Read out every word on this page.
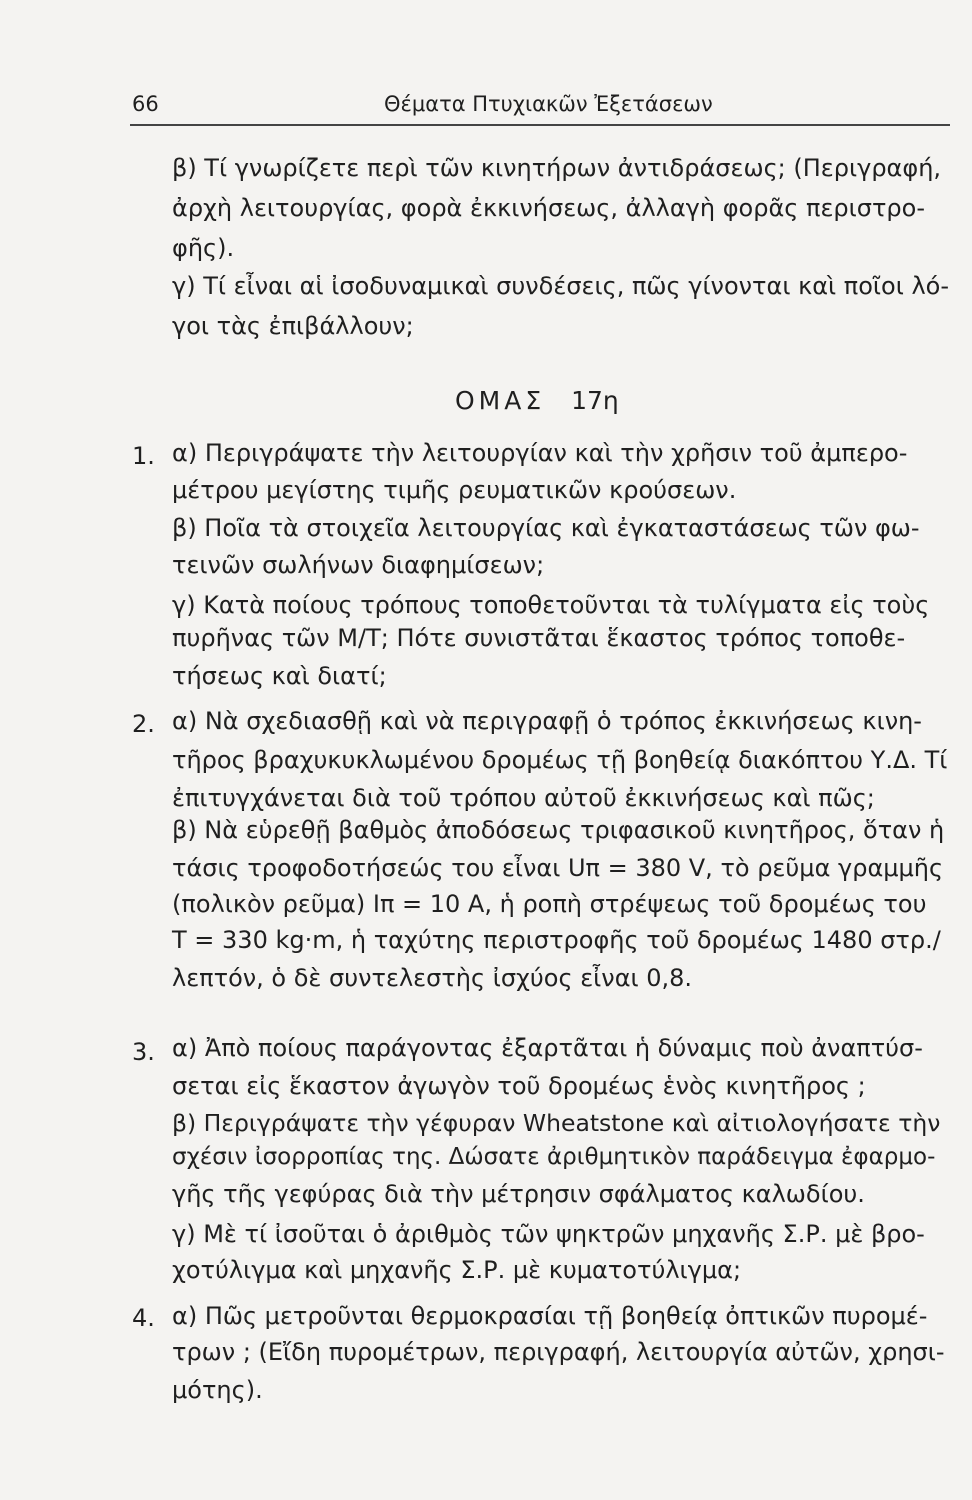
66	Θέματα Πτυχιακῶν Ἐξετάσεων
β) Τί γνωρίζετε περὶ τῶν κινητήρων ἀντιδράσεως; (Περιγραφή,
ἀρχὴ λειτουργίας, φορὰ ἐκκινήσεως, ἀλλαγὴ φορᾶς περιστρο-
φῆς).
γ) Τί εἶναι αἱ ἰσοδυναμικαὶ συνδέσεις, πῶς γίνονται καὶ ποῖοι λό-
γοι τὰς ἐπιβάλλουν;
ΟΜΑΣ 17η
1. α) Περιγράψατε τὴν λειτουργίαν καὶ τὴν χρῆσιν τοῦ ἀμπερο-
μέτρου μεγίστης τιμῆς ρευματικῶν κρούσεων.
β) Ποῖα τὰ στοιχεῖα λειτουργίας καὶ ἐγκαταστάσεως τῶν φω-
τεινῶν σωλήνων διαφημίσεων;
γ) Κατὰ ποίους τρόπους τοποθετοῦνται τὰ τυλίγματα εἰς τοὺς
πυρῆνας τῶν Μ/Τ; Πότε συνιστᾶται ἕκαστος τρόπος τοποθε-
τήσεως καὶ διατί;
2. α) Νὰ σχεδιασθῇ καὶ νὰ περιγραφῇ ὁ τρόπος ἐκκινήσεως κινη-
τῆρος βραχυκυκλωμένου δρομέως τῇ βοηθείᾳ διακόπτου Υ.Δ. Τί
ἐπιτυγχάνεται διὰ τοῦ τρόπου αὐτοῦ ἐκκινήσεως καὶ πῶς;
β) Νὰ εὑρεθῇ βαθμὸς ἀποδόσεως τριφασικοῦ κινητῆρος, ὅταν ἡ
τάσις τροφοδοτήσεώς του εἶναι Uπ = 380 V, τὸ ρεῦμα γραμμῆς
(πολικὸν ρεῦμα) Iπ = 10 A, ἡ ροπὴ στρέψεως τοῦ δρομέως του
T = 330 kg·m, ἡ ταχύτης περιστροφῆς τοῦ δρομέως 1480 στρ./
λεπτόν, ὁ δὲ συντελεστὴς ἰσχύος εἶναι 0,8.
3. α) Ἀπὸ ποίους παράγοντας ἐξαρτᾶται ἡ δύναμις ποὺ ἀναπτύσ-
σεται εἰς ἕκαστον ἀγωγὸν τοῦ δρομέως ἑνὸς κινητῆρος ;
β) Περιγράψατε τὴν γέφυραν Wheatstone καὶ αἰτιολογήσατε τὴν
σχέσιν ἰσορροπίας της. Δώσατε ἀριθμητικὸν παράδειγμα ἐφαρμο-
γῆς τῆς γεφύρας διὰ τὴν μέτρησιν σφάλματος καλωδίου.
γ) Μὲ τί ἰσοῦται ὁ ἀριθμὸς τῶν ψηκτρῶν μηχανῆς Σ.Ρ. μὲ βρο-
χοτύλιγμα καὶ μηχανῆς Σ.Ρ. μὲ κυματοτύλιγμα;
4. α) Πῶς μετροῦνται θερμοκρασίαι τῇ βοηθείᾳ ὀπτικῶν πυρομέ-
τρων ; (Εἴδη πυρομέτρων, περιγραφή, λειτουργία αὐτῶν, χρησι-
μότης).
